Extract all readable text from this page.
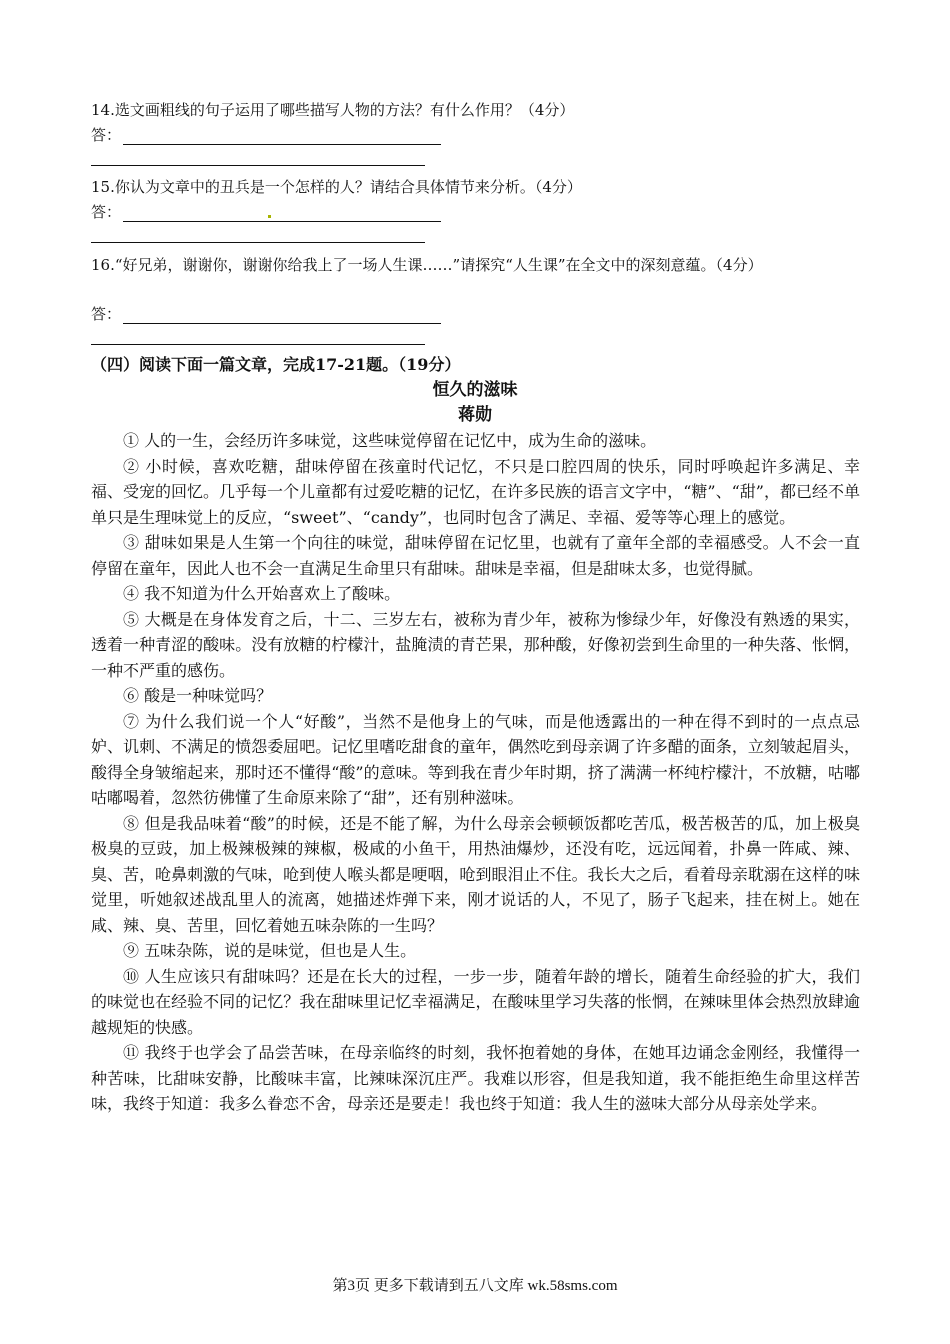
14.选文画粗线的句子运用了哪些描写人物的方法？有什么作用？（4分）
答：
15.你认为文章中的丑兵是一个怎样的人？请结合具体情节来分析。（4分）
答：
16.“好兄弟，谢谢你，谢谢你给我上了一场人生课……”请探究“人生课”在全文中的深刻意蕴。（4分）
答：
（四）阅读下面一篇文章，完成17-21题。（19分）
恒久的滋味
蒋勋

① 人的一生，会经历许多味觉，这些味觉停留在记忆中，成为生命的滋味。

② 小时候，喜欢吃糖，甜味停留在孩童时代记忆，不只是口腔四周的快乐，同时呼唤起许多满足、幸福、受宠的回忆。几乎每一个儿童都有过爱吃糖的记忆，在许多民族的语言文字中，“糖”、“甜”，都已经不单单只是生理味觉上的反应，“sweet”、“candy”，也同时包含了满足、幸福、爱等等心理上的感觉。

③ 甜味如果是人生第一个向往的味觉，甜味停留在记忆里，也就有了童年全部的幸福感受。人不会一直停留在童年，因此人也不会一直满足生命里只有甜味。甜味是幸福，但是甜味太多，也觉得腻。

④ 我不知道为什么开始喜欢上了酸味。

⑤ 大概是在身体发育之后，十二、三岁左右，被称为青少年，被称为惨绿少年，好像没有熟透的果实，透着一种青涩的酸味。没有放糖的柠檬汁，盐腌渍的青芒果，那种酸，好像初尝到生命里的一种失落、怅惘，一种不严重的感伤。

⑥ 酸是一种味觉吗？

⑦ 为什么我们说一个人“好酸”，当然不是他身上的气味，而是他透露出的一种在得不到时的一点点忌妒、讥刺、不满足的愤怨委屈吧。记忆里嗜吃甜食的童年，偶然吃到母亲调了许多醋的面条，立刻皱起眉头，酸得全身皱缩起来，那时还不懂得“酸”的意味。等到我在青少年时期，挤了满满一杯纯柠檬汁，不放糖，咕嘟咕嘟喝着，忽然彷佛懂了生命原来除了“甜”，还有别种滋味。

⑧ 但是我品味着“酸”的时候，还是不能了解，为什么母亲会顿顿饭都吃苦瓜，极苦极苦的瓜，加上极臭极臭的豆豉，加上极辣极辣的辣椒，极咸的小鱼干，用热油爆炒，还没有吃，远远闻着，扑鼻一阵咸、辣、臭、苦，呛鼻刺激的气味，呛到使人喉头都是哽咽，呛到眼泪止不住。我长大之后，看着母亲耽溺在这样的味觉里，听她叙述战乱里人的流离，她描述炸弹下来，刚才说话的人，不见了，肠子飞起来，挂在树上。她在咸、辣、臭、苦里，回忆着她五味杂陈的一生吗？

⑨ 五味杂陈，说的是味觉，但也是人生。

⑩ 人生应该只有甜味吗？还是在长大的过程，一步一步，随着年龄的增长，随着生命经验的扩大，我们的味觉也在经验不同的记忆？我在甜味里记忆幸福满足，在酸味里学习失落的怅惘，在辣味里体会热烈放肆逾越规矩的快感。

⑪ 我终于也学会了品尝苦味，在母亲临终的时刻，我怀抱着她的身体，在她耳边诵念金刚经，我懂得一种苦味，比甜味安静，比酸味丰富，比辣味深沉庄严。我难以形容，但是我知道，我不能拒绝生命里这样苦味，我终于知道：我多么眷恋不舍，母亲还是要走！我也终于知道：我人生的滋味大部分从母亲处学来。

第3页 更多下载请到五八文库 wk.58sms.com
